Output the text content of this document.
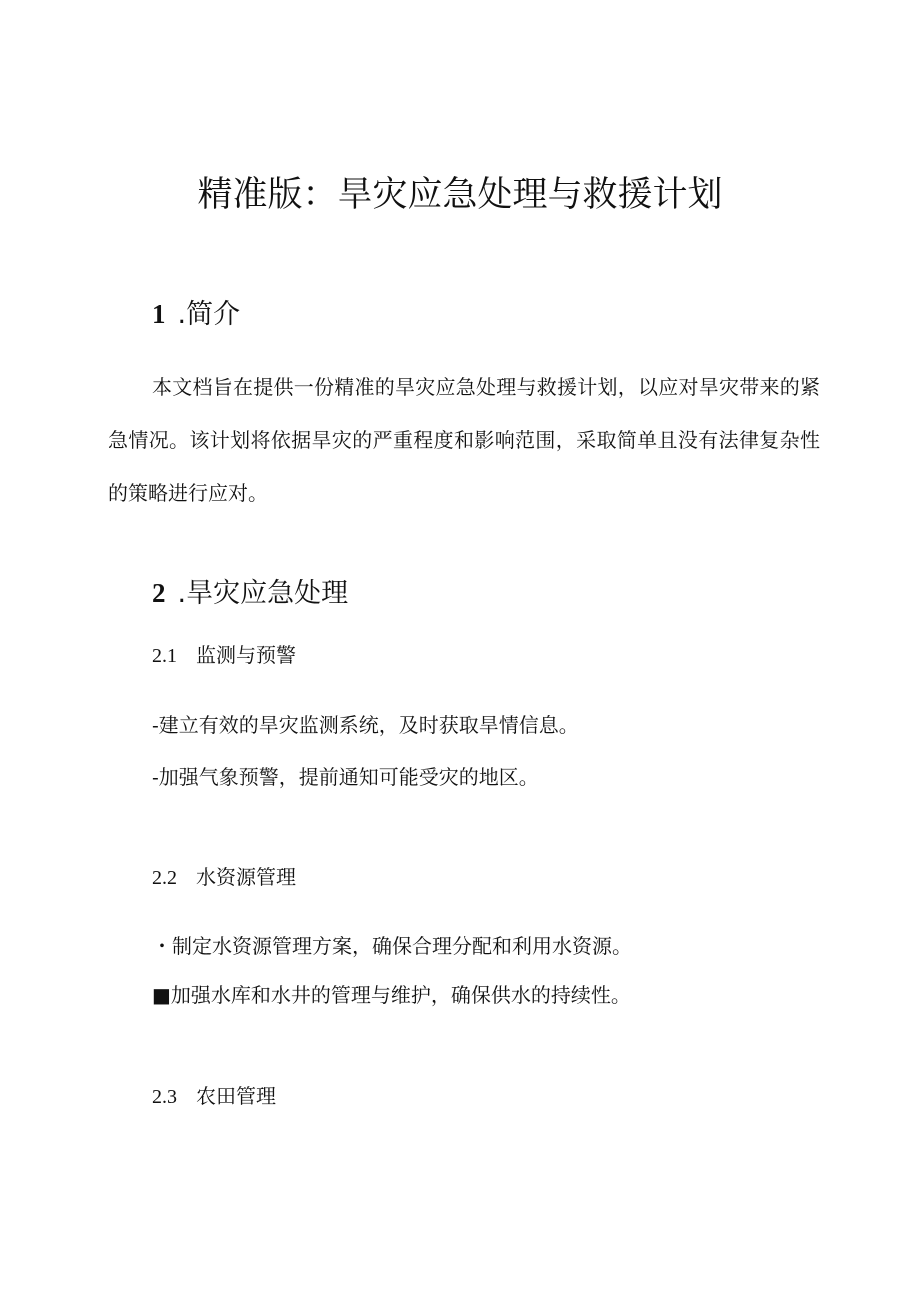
精准版：旱灾应急处理与救援计划
1 .简介

本文档旨在提供一份精准的旱灾应急处理与救援计划，以应对旱灾带来的紧急情况。该计划将依据旱灾的严重程度和影响范围，采取简单且没有法律复杂性的策略进行应对。

2 .旱灾应急处理

2.1 监测与预警

-建立有效的旱灾监测系统，及时获取旱情信息。

-加强气象预警，提前通知可能受灾的地区。

2.2 水资源管理

・制定水资源管理方案，确保合理分配和利用水资源。

■加强水库和水井的管理与维护，确保供水的持续性。

2.3 农田管理
